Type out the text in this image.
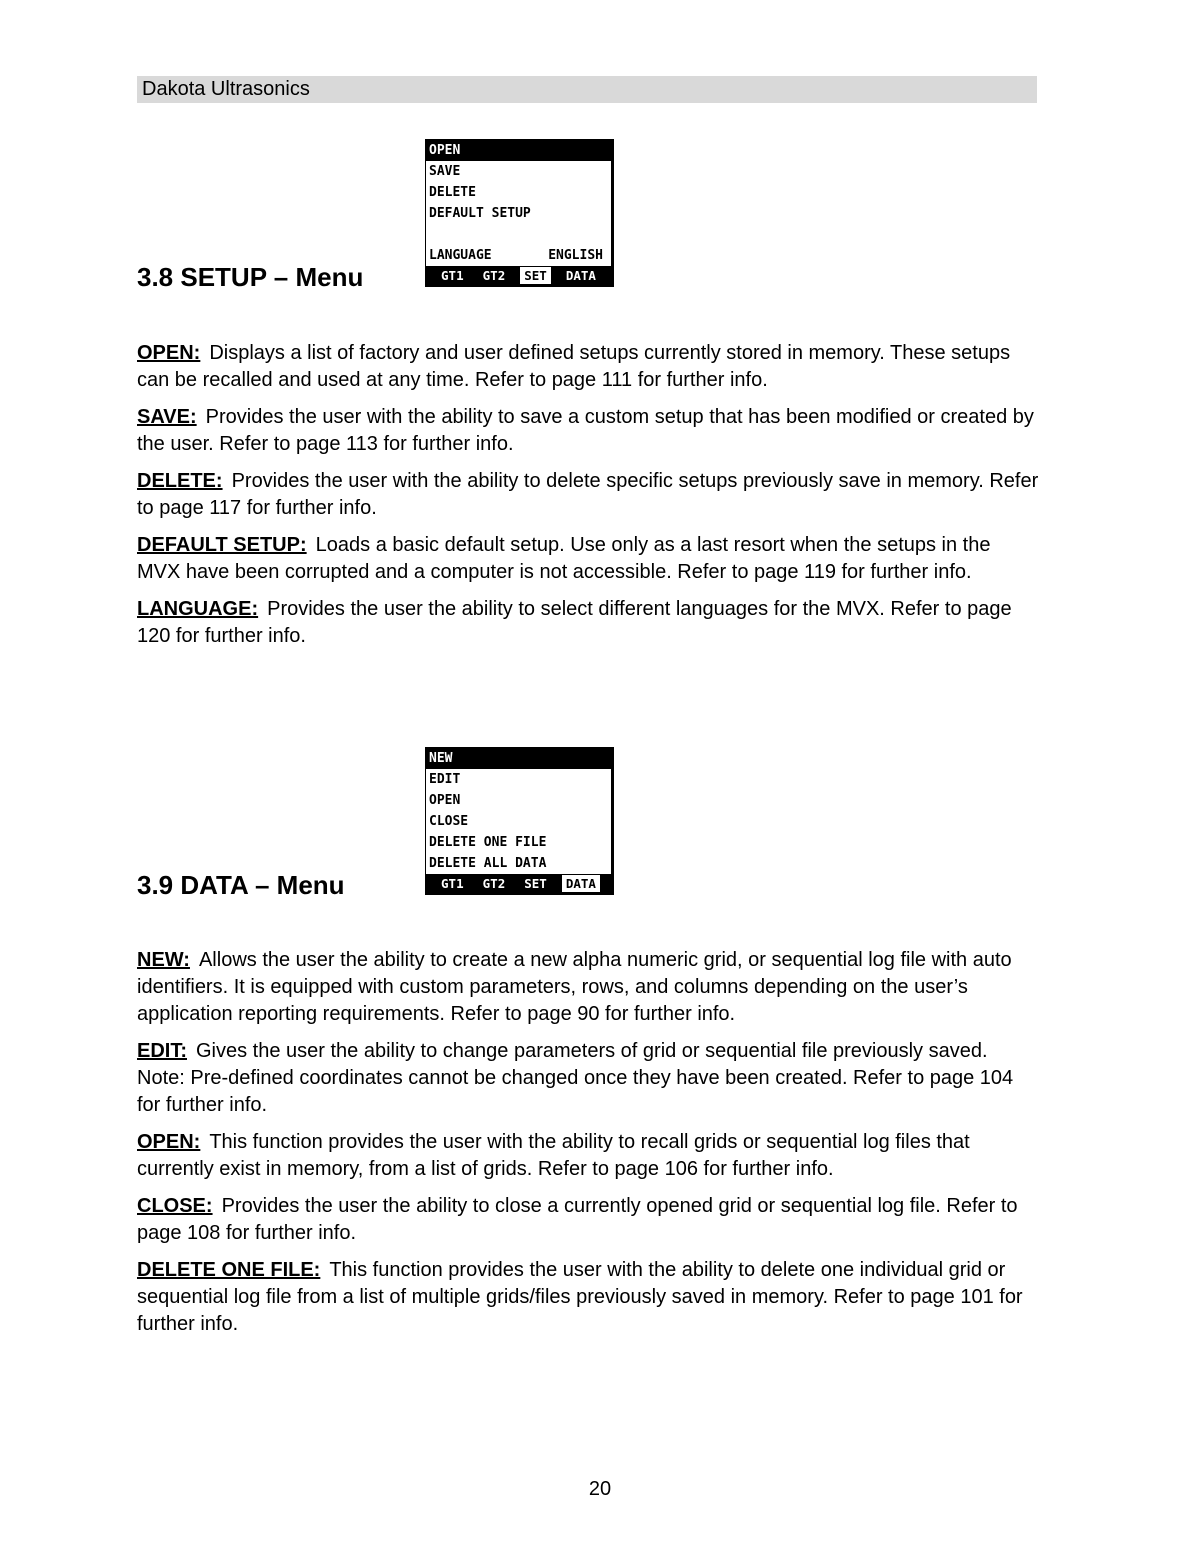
Dakota Ultrasonics
OPEN
SAVE
DELETE
DEFAULT SETUP
LANGUAGE	ENGLISH
GT1	GT2	SET	DATA
3.8 SETUP – Menu

OPEN: Displays a list of factory and user defined setups currently stored in memory. These setups can be recalled and used at any time. Refer to page 111 for further info.

SAVE: Provides the user with the ability to save a custom setup that has been modified or created by the user. Refer to page 113 for further info.

DELETE: Provides the user with the ability to delete specific setups previously save in memory. Refer to page 117 for further info.

DEFAULT SETUP: Loads a basic default setup. Use only as a last resort when the setups in the MVX have been corrupted and a computer is not accessible. Refer to page 119 for further info.

LANGUAGE: Provides the user the ability to select different languages for the MVX. Refer to page 120 for further info.

NEW
EDIT
OPEN
CLOSE
DELETE ONE FILE
DELETE ALL DATA
GT1	GT2	SET	DATA
3.9 DATA – Menu

NEW: Allows the user the ability to create a new alpha numeric grid, or sequential log file with auto identifiers. It is equipped with custom parameters, rows, and columns depending on the user’s application reporting requirements. Refer to page 90 for further info.

EDIT: Gives the user the ability to change parameters of grid or sequential file previously saved. Note: Pre-defined coordinates cannot be changed once they have been created. Refer to page 104 for further info.

OPEN: This function provides the user with the ability to recall grids or sequential log files that currently exist in memory, from a list of grids. Refer to page 106 for further info.

CLOSE: Provides the user the ability to close a currently opened grid or sequential log file. Refer to page 108 for further info.

DELETE ONE FILE: This function provides the user with the ability to delete one individual grid or sequential log file from a list of multiple grids/files previously saved in memory. Refer to page 101 for further info.

20
